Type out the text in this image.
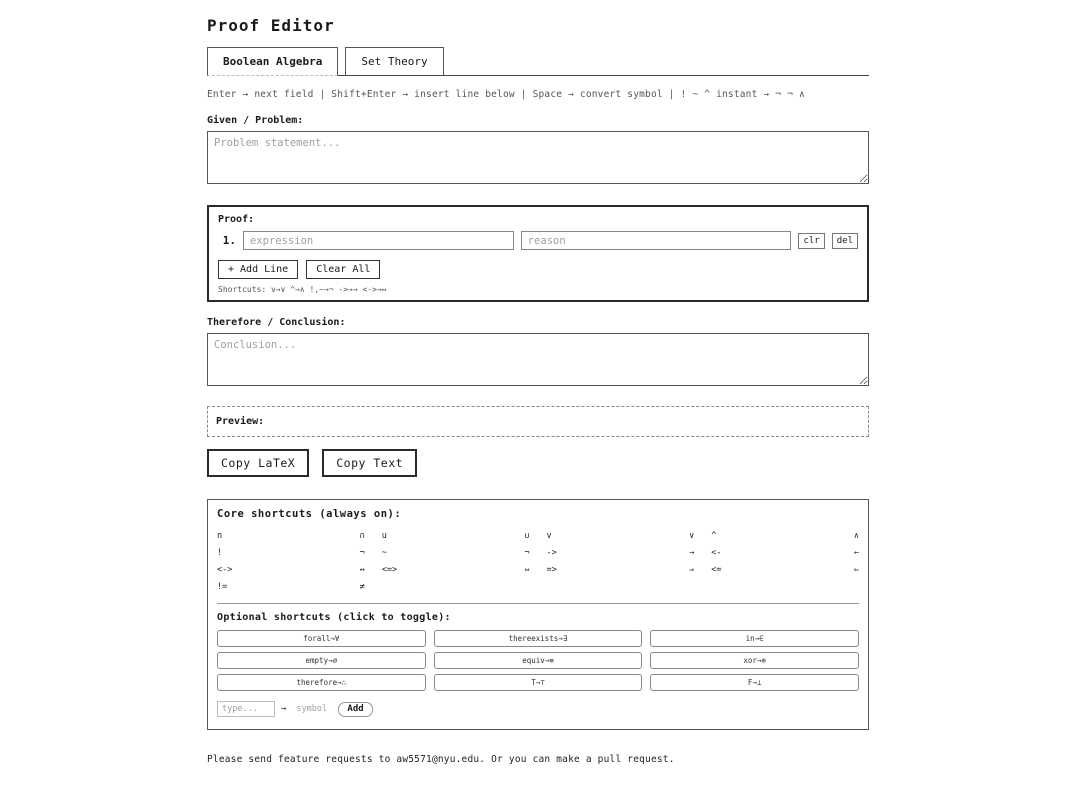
Proof Editor
Boolean Algebra	Set Theory
Enter → next field | Shift+Enter → insert line below | Space → convert symbol | ! ~ ^ instant → ¬ ¬ ∧
Given / Problem:
Problem statement...
Proof:
1.
expression
reason	clr	del
+ Add Line	Clear All
Shortcuts: v→∨ ^→∧ !,~→¬ ->→→ <->→↔
Therefore / Conclusion:
Conclusion...
Preview:
Copy LaTeX	Copy Text
Core shortcuts (always on):
n	∩ u	∪ v	∨ ^	∧
!	¬ ~	¬ ->	→ <-	←
<->	↔ <=>	⇔ =>	⇒ <=	⇐
!=	≠
Optional shortcuts (click to toggle):
forall→∀	thereexists→∃	in→∈
empty→∅	equiv→≡	xor→⊕
therefore→∴	T→⊤	F→⊥
type...
→
symbol	Add
Please send feature requests to aw5571@nyu.edu. Or you can make a pull request.
